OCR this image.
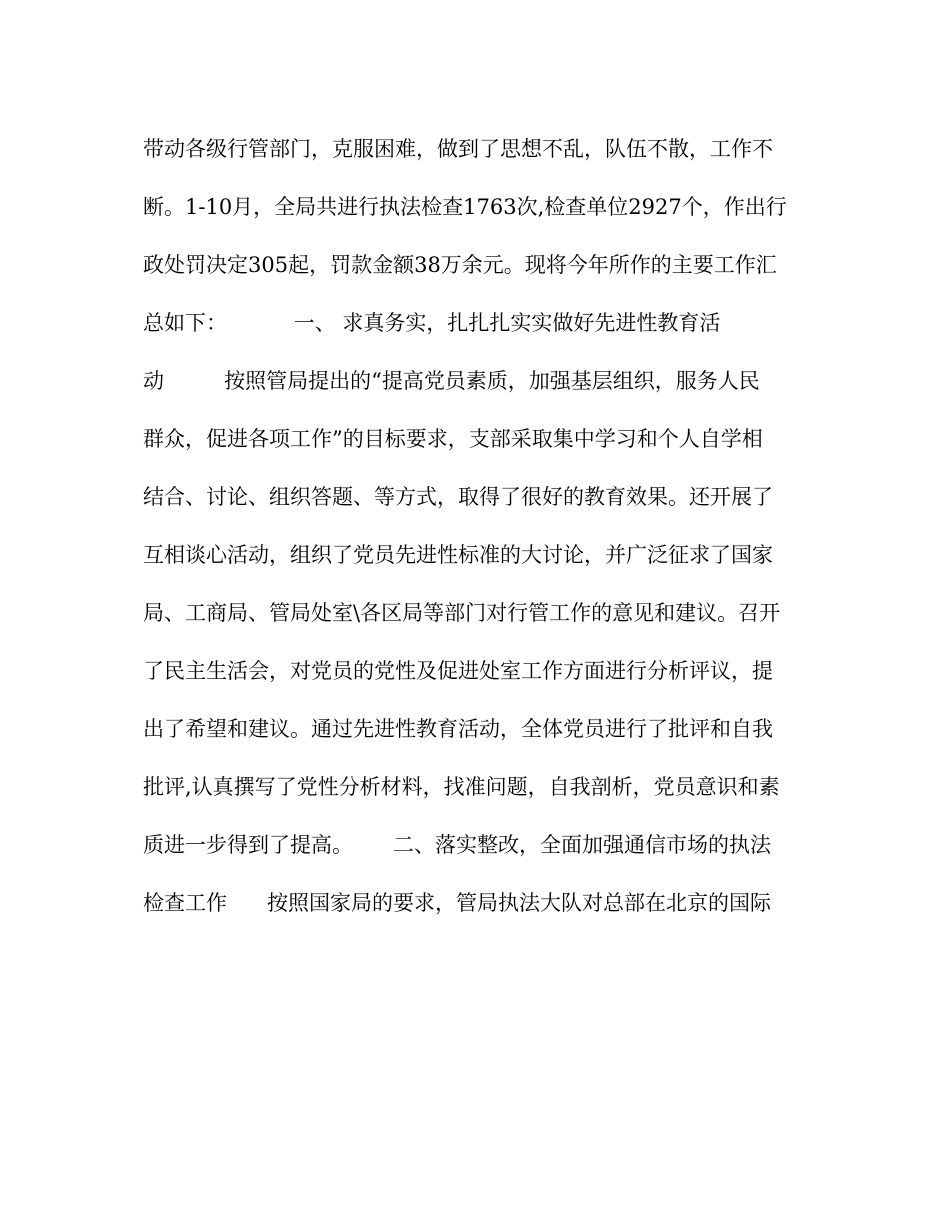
带动各级行管部门，克服困难，做到了思想不乱，队伍不散，工作不

断。1-10月，全局共进行执法检查1763次,检查单位2927个，作出行

政处罚决定305起，罚款金额38万余元。现将今年所作的主要工作汇

总如下：          一、 求真务实，扎扎扎实实做好先进性教育活

动         按照管局提出的“提高党员素质，加强基层组织，服务人民

群众，促进各项工作”的目标要求，支部采取集中学习和个人自学相

结合、讨论、组织答题、等方式，取得了很好的教育效果。还开展了

互相谈心活动，组织了党员先进性标准的大讨论，并广泛征求了国家

局、工商局、管局处室\各区局等部门对行管工作的意见和建议。召开

了民主生活会，对党员的党性及促进处室工作方面进行分析评议，提

出了希望和建议。通过先进性教育活动，全体党员进行了批评和自我

批评,认真撰写了党性分析材料，找准问题，自我剖析，党员意识和素

质进一步得到了提高。      二、落实整改，全面加强通信市场的执法

检查工作      按照国家局的要求，管局执法大队对总部在北京的国际
